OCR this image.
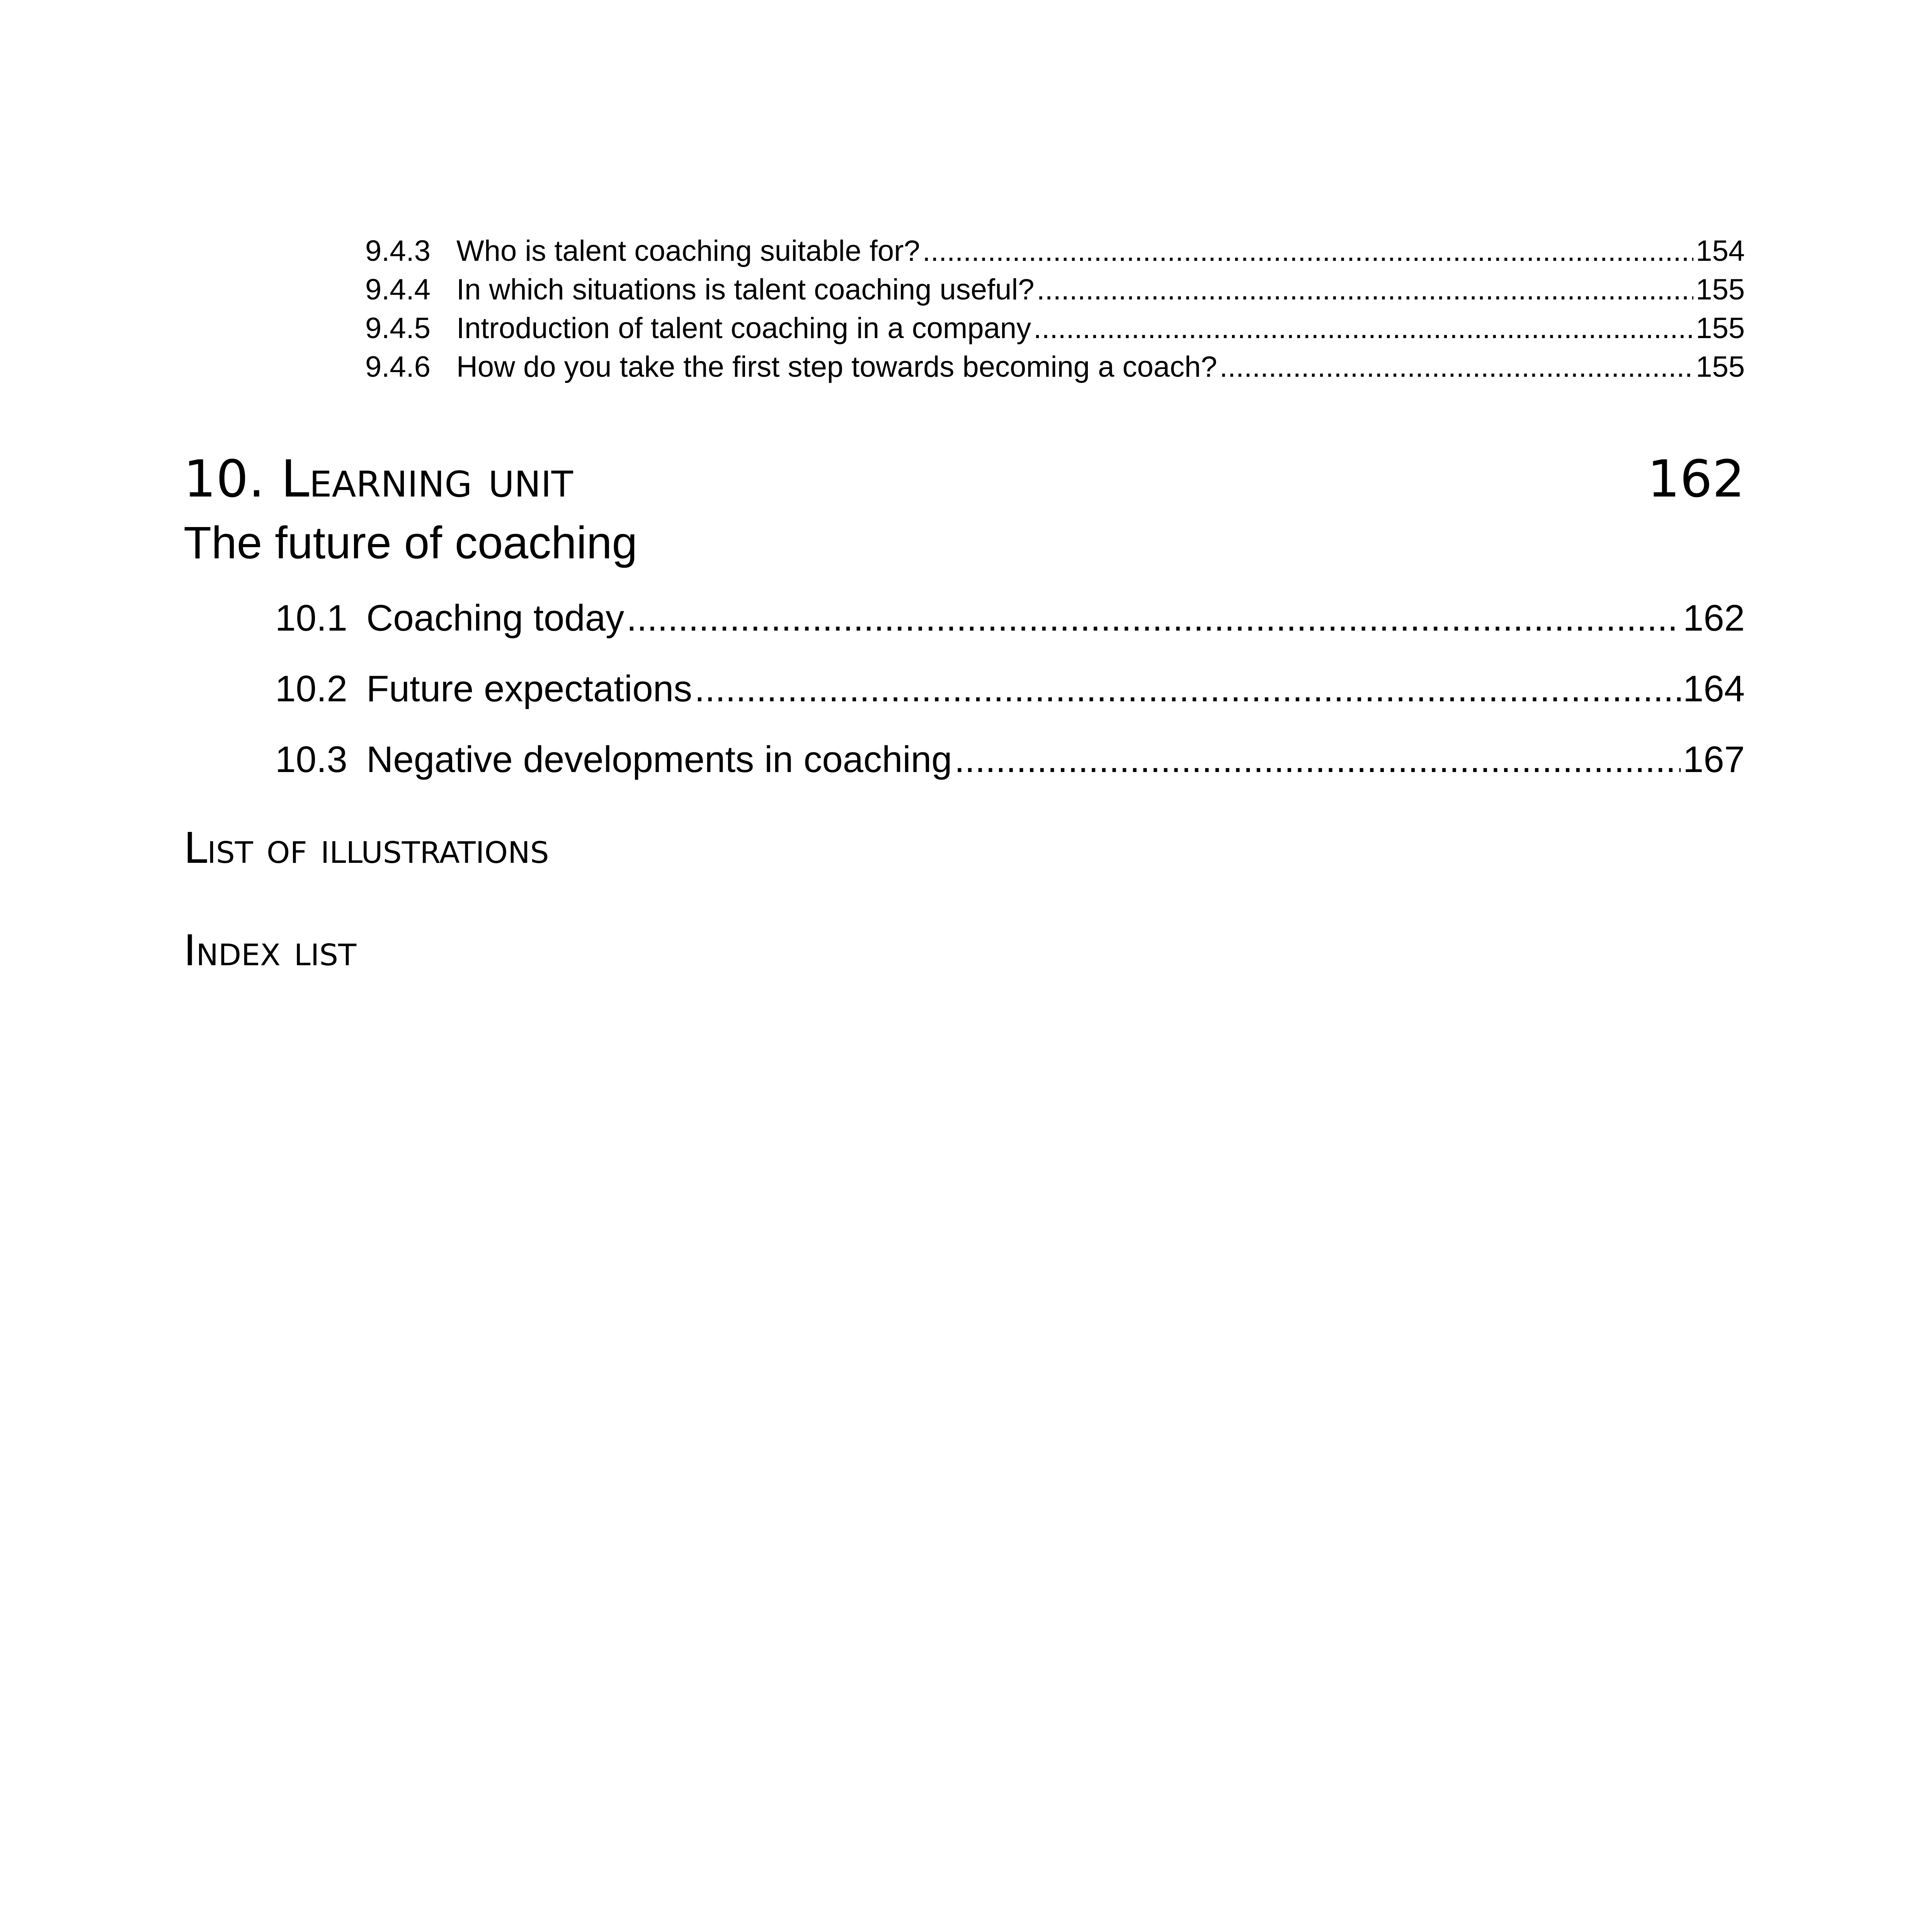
9.4.3 Who is talent coaching suitable for? .....	154
9.4.4 In which situations is talent coaching useful? .....	155
9.4.5 Introduction of talent coaching in a company .....	155
9.4.6 How do you take the first step towards becoming a coach? .....	155
10. Learning unit	162
The future of coaching
10.1 Coaching today .....	162
10.2 Future expectations .....	164
10.3 Negative developments in coaching .....	167
List of illustrations
Index list
